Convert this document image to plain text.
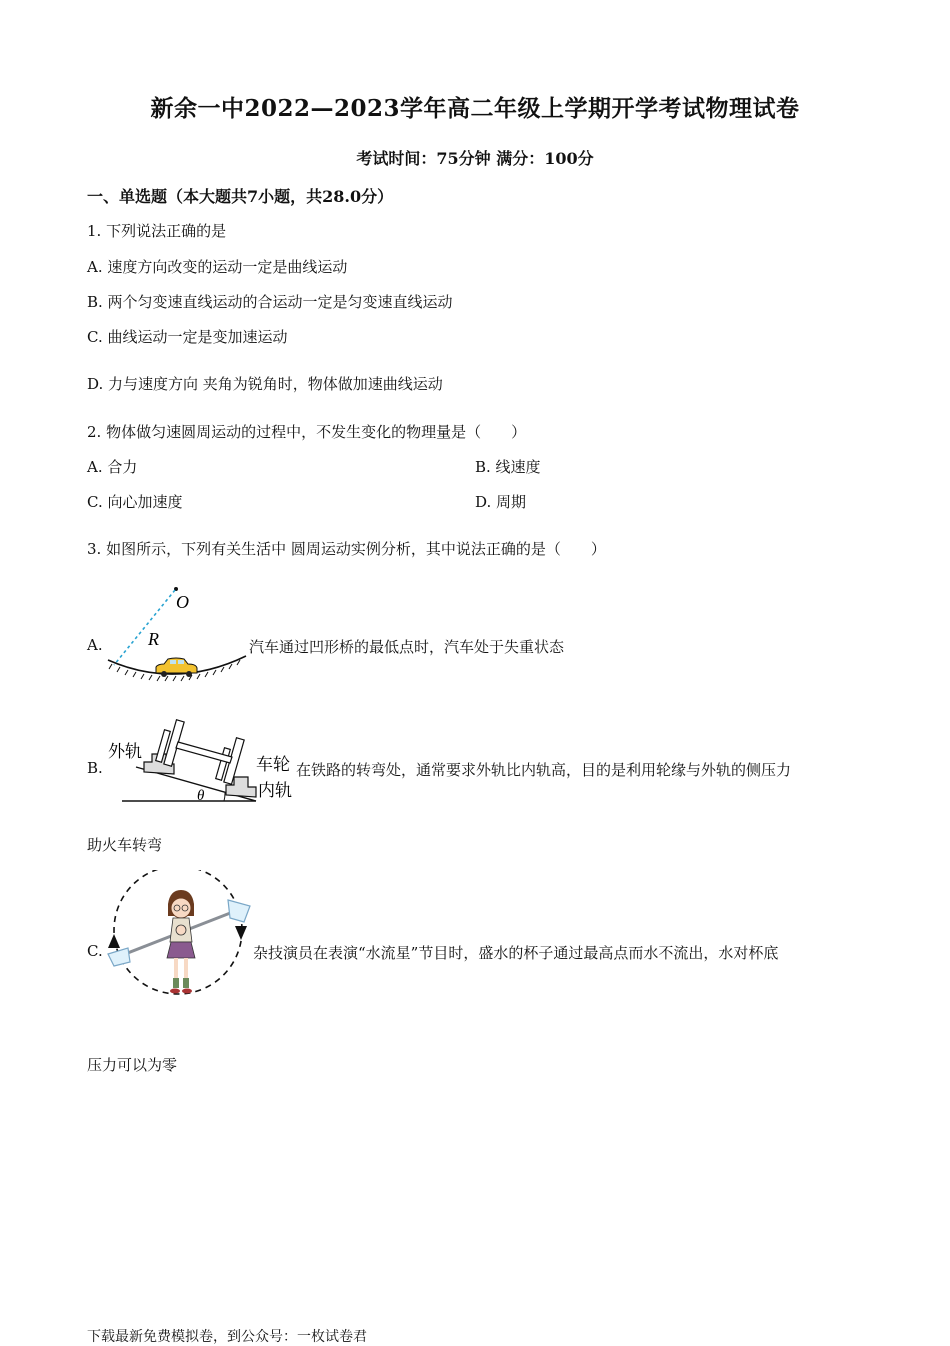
新余一中2022—2023学年高二年级上学期开学考试物理试卷
考试时间：75分钟 满分：100分
一、单选题（本大题共7小题，共28.0分）
1. 下列说法正确的是
A. 速度方向改变的运动一定是曲线运动
B. 两个匀变速直线运动的合运动一定是匀变速直线运动
C. 曲线运动一定是变加速运动
D. 力与速度方向 夹角为锐角时，物体做加速曲线运动
2. 物体做匀速圆周运动的过程中，不发生变化的物理量是（　　）
A. 合力	B. 线速度
C. 向心加速度	D. 周期
3. 如图所示，下列有关生活中 圆周运动实例分析，其中说法正确的是（　　）
A.
O
R	汽车通过凹形桥的最低点时，汽车处于失重状态
B.
θ
外轨
车轮
内轨
在铁路的转弯处，通常要求外轨比内轨高，目的是利用轮缘与外轨的侧压力
助火车转弯
C.	杂技演员在表演“水流星”节目时，盛水的杯子通过最高点而水不流出，水对杯底
压力可以为零
下载最新免费模拟卷，到公众号：一枚试卷君
